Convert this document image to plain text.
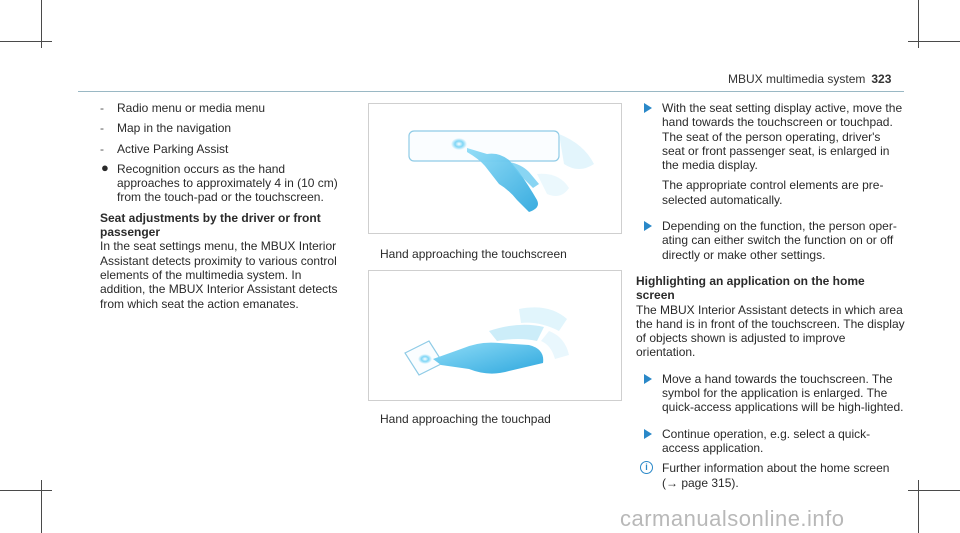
MBUX multimedia system 323
- Radio menu or media menu
- Map in the navigation
- Active Parking Assist
● Recognition occurs as the hand approaches to approximately 4 in (10 cm) from the touch-pad or the touchscreen.
Seat adjustments by the driver or front passenger
In the seat settings menu, the MBUX Interior Assistant detects proximity to various control elements of the multimedia system. In addition, the MBUX Interior Assistant detects from which seat the action emanates.
Hand approaching the touchscreen
Hand approaching the touchpad

With the seat setting display active, move the hand towards the touchscreen or touchpad. The seat of the person operating, driver's seat or front passenger seat, is enlarged in the media display.

The appropriate control elements are pre-selected automatically.

Depending on the function, the person oper-ating can either switch the function on or off directly or make other settings.

Highlighting an application on the home screen
The MBUX Interior Assistant detects in which area the hand is in front of the touchscreen. The display of objects shown is adjusted to improve orientation.

Move a hand towards the touchscreen. The symbol for the application is enlarged. The quick-access applications will be high-lighted.

Continue operation, e.g. select a quick-access application.

i	Further information about the home screen (→ page 315).
carmanualsonline.info
